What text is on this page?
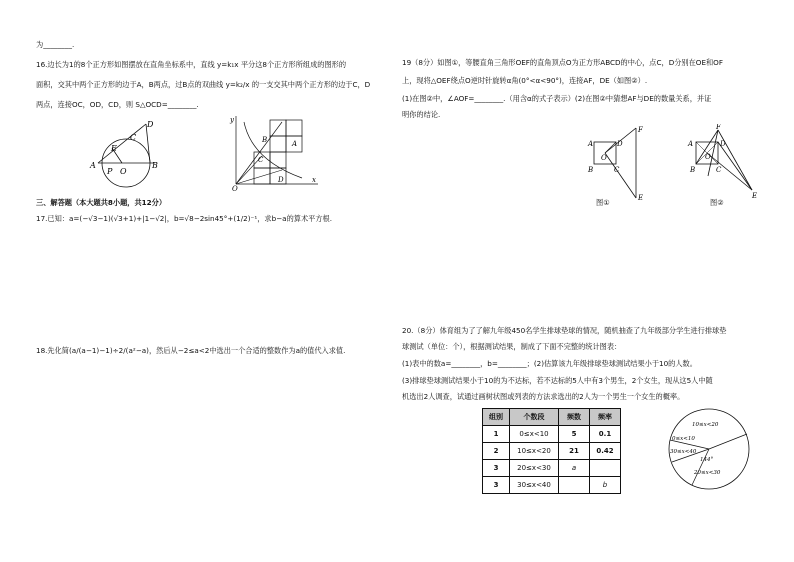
为________.
16.边长为1的8个正方形如图摆放在直角坐标系中，直线 y=k₁x 平分这8个正方形所组成的图形的
面积，交其中两个正方形的边于A，B两点，过B点的双曲线 y=k₂/x 的一支交其中两个正方形的边于C，D
两点，连接OC，OD，CD，则 S△OCD=________.
D
C
E
A
P O
B
y
B
C
A
D
O
x
三、解答题（本大题共8小题，共12分）
17.已知：a=(−√3−1)(√3+1)+|1−√2|，b=√8−2sin45°+(1/2)⁻¹，求b−a的算术平方根.
18.先化简(a/(a−1)−1)÷2/(a²−a)，然后从−2≤a<2中选出一个合适的整数作为a的值代入求值.
19（8分）如图①，等腰直角三角形OEF的直角顶点O为正方形ABCD的中心，点C，D分别在OE和OF
上，现将△OEF绕点O逆时针旋转α角(0°<α<90°)，连接AF，DE（如图②）.
(1)在图②中，∠AOF=________.（用含α的式子表示）(2)在图②中猜想AF与DE的数量关系，并证
明你的结论.
A	D
F
O
B	C
E
图①
F
A	D
O
B	C
E
图②
20.（8分）体育组为了了解九年级450名学生排球垫球的情况，随机抽查了九年级部分学生进行排球垫
球测试（单位：个），根据测试结果，制成了下面不完整的统计图表：
(1)表中的数a=________，b=________；(2)估算该九年级排球垫球测试结果小于10的人数。
(3)排球垫球测试结果小于10的为不达标，若不达标的5人中有3个男生，2个女生，现从这5人中随
机选出2人调查，试通过画树状图或列表的方法求选出的2人为一个男生一个女生的概率。
组别	个数段	频数	频率
1	0≤x<10	5	0.1
2	10≤x<20	21	0.42
3	20≤x<30	a	
3	30≤x<40		b
10≤x<20
0≤x<10
30≤x<40
144°
20≤x<30
